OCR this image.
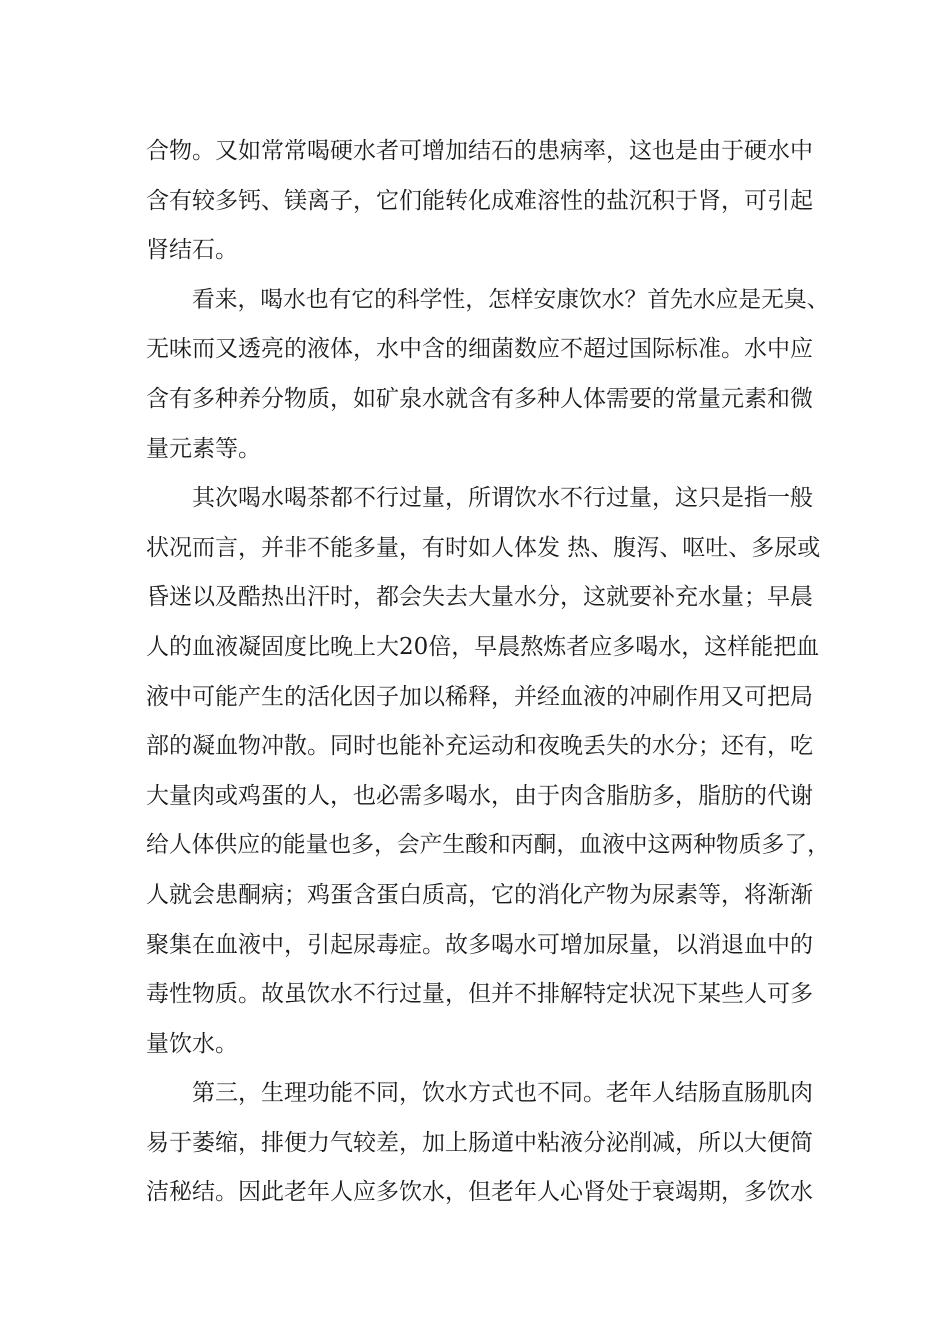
合物。又如常常喝硬水者可增加结石的患病率，这也是由于硬水中
含有较多钙、镁离子，它们能转化成难溶性的盐沉积于肾，可引起
肾结石。
看来，喝水也有它的科学性，怎样安康饮水？首先水应是无臭、
无味而又透亮的液体，水中含的细菌数应不超过国际标准。水中应
含有多种养分物质，如矿泉水就含有多种人体需要的常量元素和微
量元素等。
其次喝水喝茶都不行过量，所谓饮水不行过量，这只是指一般
状况而言，并非不能多量，有时如人体发 热、腹泻、呕吐、多尿或
昏迷以及酷热出汗时，都会失去大量水分，这就要补充水量；早晨
人的血液凝固度比晚上大20倍，早晨熬炼者应多喝水，这样能把血
液中可能产生的活化因子加以稀释，并经血液的冲刷作用又可把局
部的凝血物冲散。同时也能补充运动和夜晚丢失的水分；还有，吃
大量肉或鸡蛋的人，也必需多喝水，由于肉含脂肪多，脂肪的代谢
给人体供应的能量也多，会产生酸和丙酮，血液中这两种物质多了，
人就会患酮病；鸡蛋含蛋白质高，它的消化产物为尿素等，将渐渐
聚集在血液中，引起尿毒症。故多喝水可增加尿量，以消退血中的
毒性物质。故虽饮水不行过量，但并不排解特定状况下某些人可多
量饮水。
第三，生理功能不同，饮水方式也不同。老年人结肠直肠肌肉
易于萎缩，排便力气较差，加上肠道中粘液分泌削减，所以大便简
洁秘结。因此老年人应多饮水，但老年人心肾处于衰竭期，多饮水
